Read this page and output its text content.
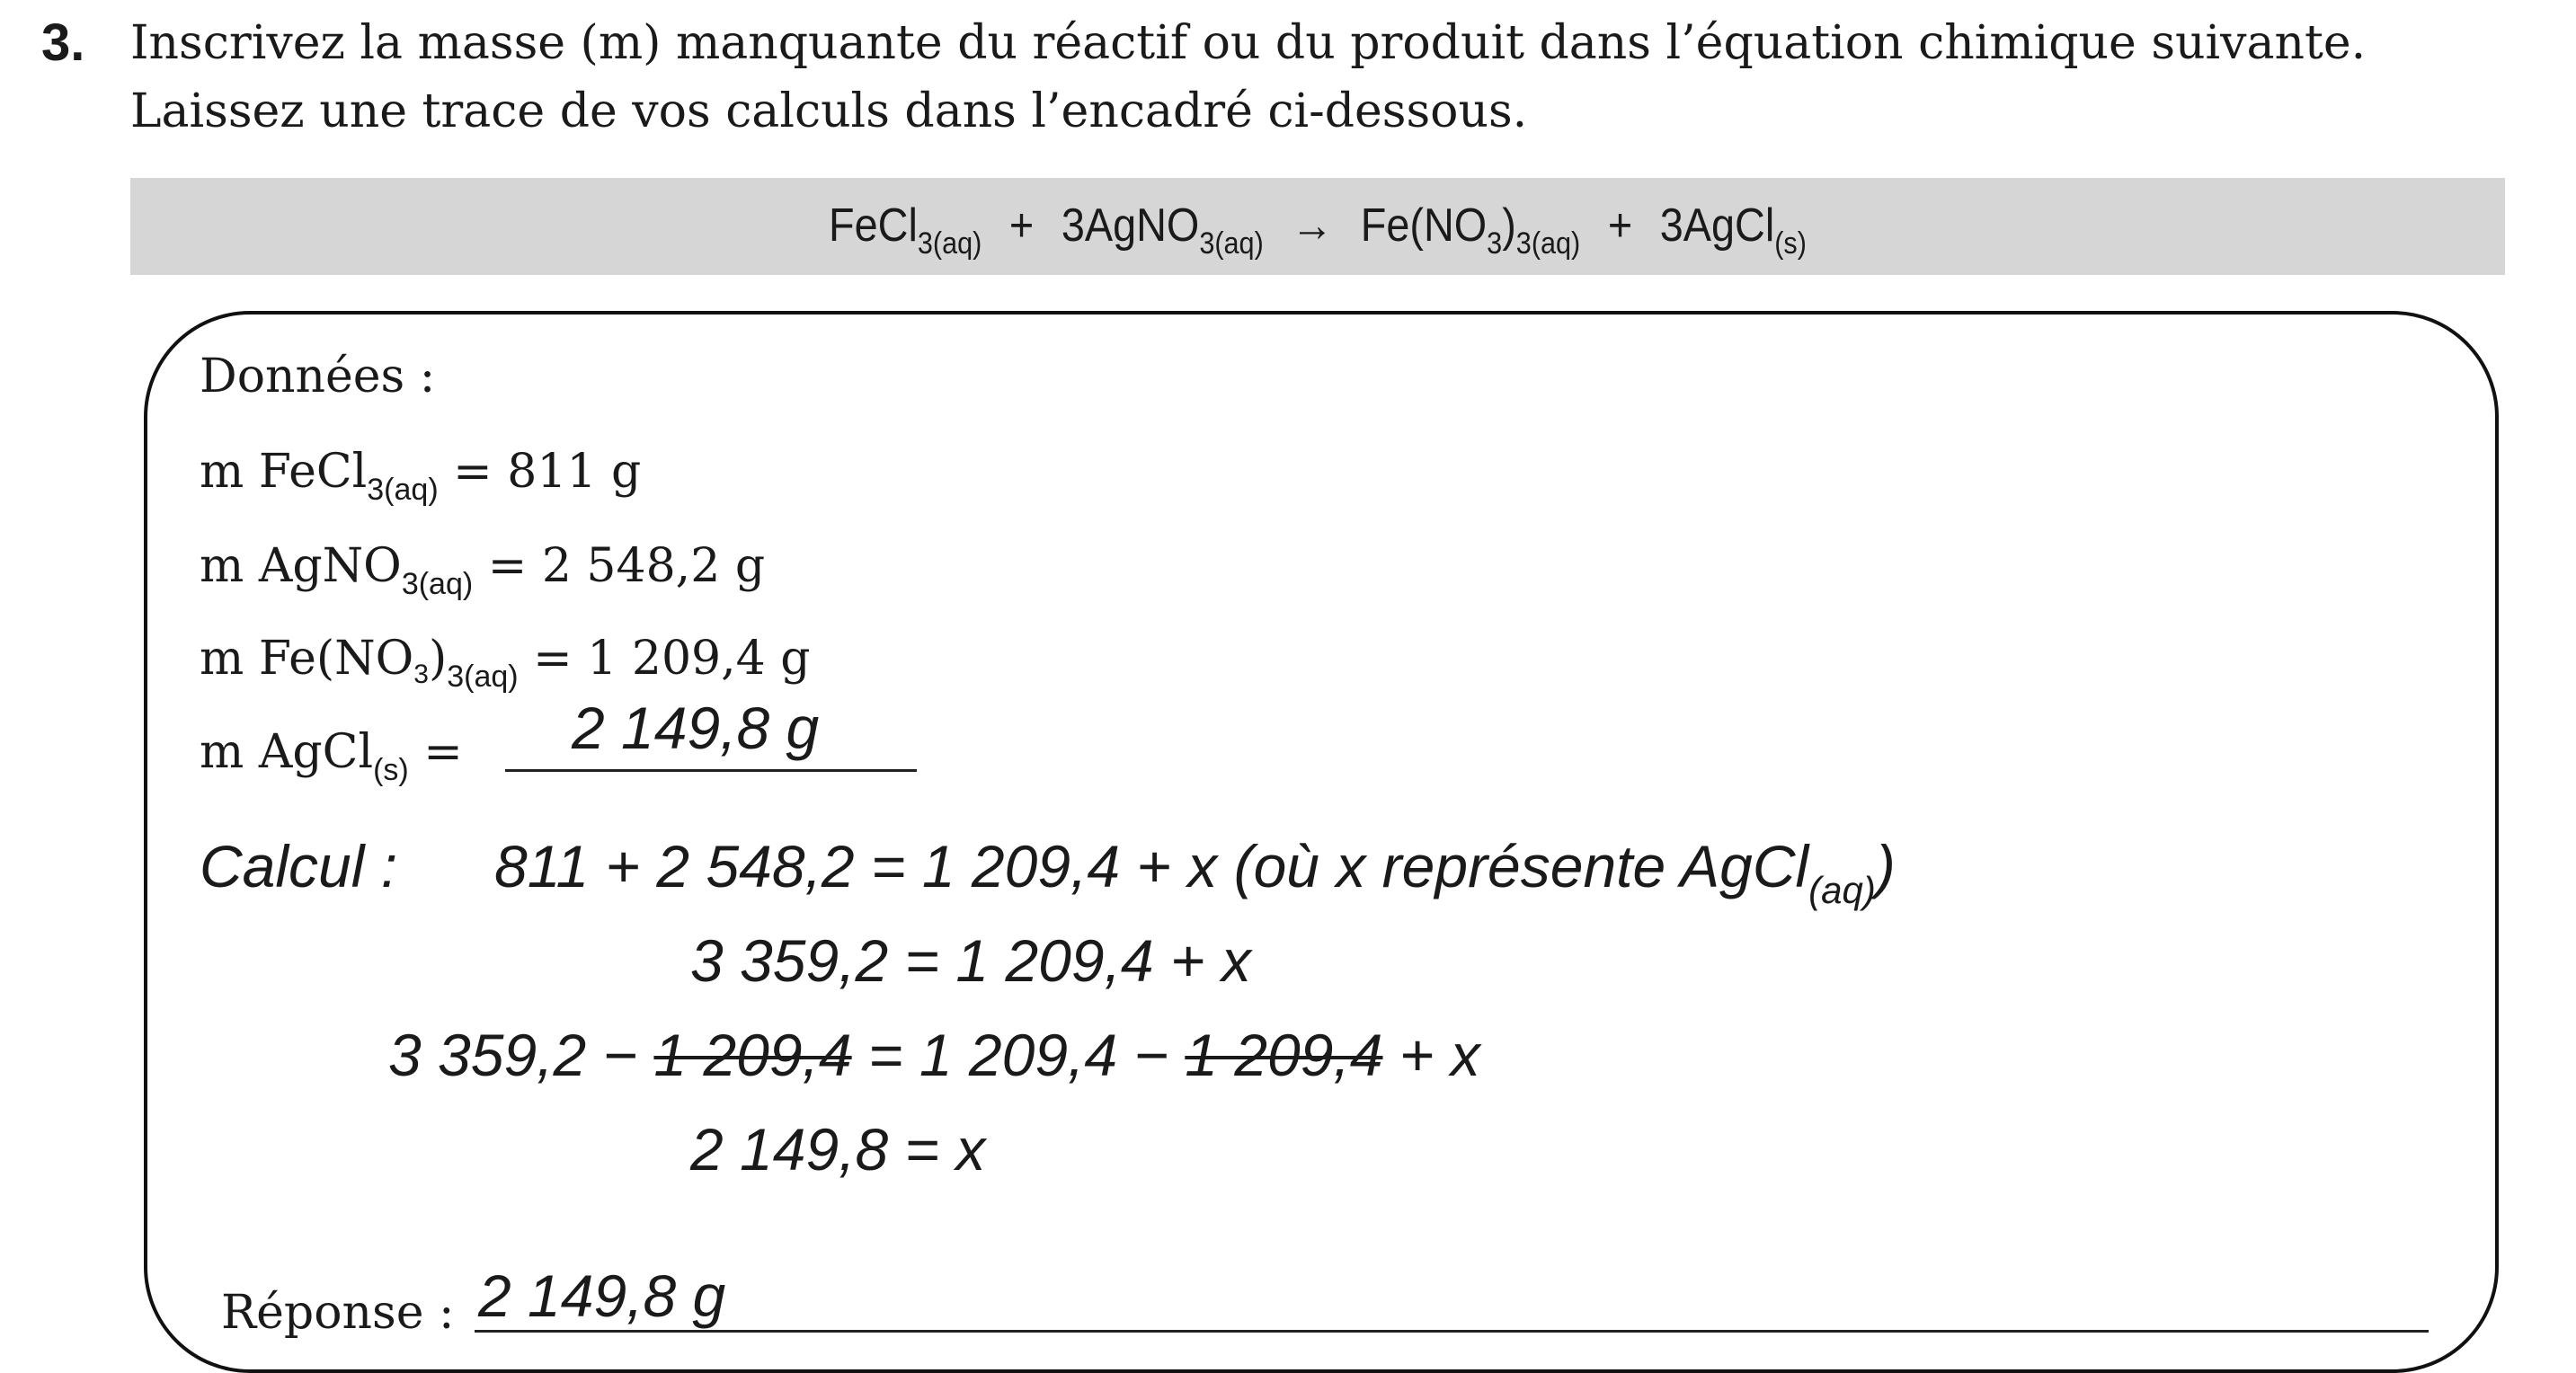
3. Inscrivez la masse (m) manquante du réactif ou du produit dans l’équation chimique suivante.
Laissez une trace de vos calculs dans l’encadré ci-dessous.
FeCl$_{3(aq)}$ + 3AgNO$_{3(aq)}$ → $Fe(NO_3)_{3(aq)}$ + 3AgCl$_{(s)}$
Données :
m FeCl$_{3(aq)}$ = 811 g
m AgNO$_{3(aq)}$ = 2 548,2 g
m $Fe(NO_3)_{3(aq)} = 1$ 209,4 g
m AgCl$_{(s)}$ = 2 149,8 g
Calcul : 811 + 2 548,2 = 1 209,4 + x (où x représente AgCl$_{(aq)}$)
3 359,2 = 1 209,4 + x
3 359,2 − 1 209,4 = 1 209,4 − 1 209,4 + x
2 149,8 = x
Réponse : 2 149,8 g
